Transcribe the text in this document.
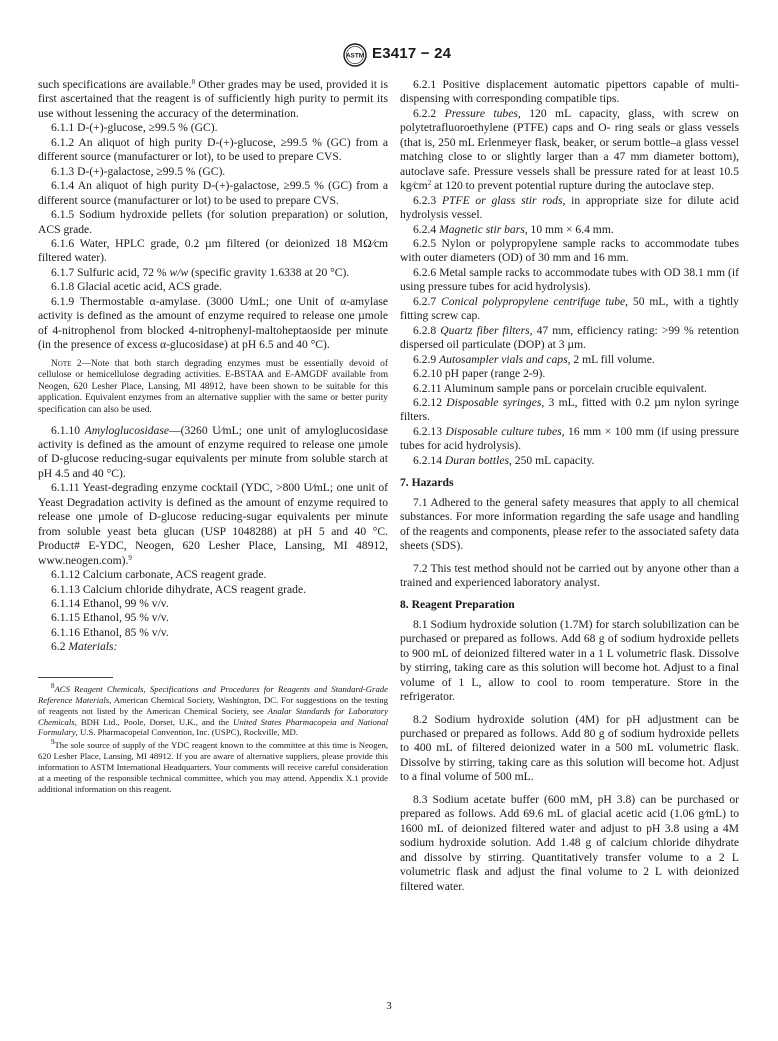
ASTM E3417 − 24

such specifications are available.$^8$ Other grades may be used, provided it is first ascertained that the reagent is of sufficiently high purity to permit its use without lessening the accuracy of the determination.

6.1.1 D-(+)-glucose, ≥99.5 % (GC).

6.1.2 An aliquot of high purity D-(+)-glucose, ≥99.5 % (GC) from a different source (manufacturer or lot), to be used to prepare CVS.

6.1.3 D-(+)-galactose, ≥99.5 % (GC).

6.1.4 An aliquot of high purity D-(+)-galactose, ≥99.5 % (GC) from a different source (manufacturer or lot) to be used to prepare CVS.

6.1.5 Sodium hydroxide pellets (for solution preparation) or solution, ACS grade.

6.1.6 Water, HPLC grade, 0.2 µm filtered (or deionized 18 MΩ⁄cm filtered water).

6.1.7 Sulfuric acid, 72 % w/w (specific gravity 1.6338 at 20 °C).

6.1.8 Glacial acetic acid, ACS grade.

6.1.9 Thermostable α-amylase. (3000 U⁄mL; one Unit of α-amylase activity is defined as the amount of enzyme required to release one µmole of 4-nitrophenol from blocked 4-nitrophenyl-maltoheptaoside per minute (in the presence of excess α-glucosidase) at pH 6.5 and 40 °C).

Note 2—Note that both starch degrading enzymes must be essentially devoid of cellulose or hemicellulose degrading activities. E-BSTAA and E-AMGDF available from Neogen, 620 Lesher Place, Lansing, MI 48912, have been shown to be suitable for this application. Equivalent enzymes from an alternative supplier with the same or better purity specification can also be used.

6.1.10 Amyloglucosidase—(3260 U⁄mL; one unit of amyloglucosidase activity is defined as the amount of enzyme required to release one µmole of D-glucose reducing-sugar equivalents per minute from soluble starch at pH 4.5 and 40 °C).

6.1.11 Yeast-degrading enzyme cocktail (YDC, >800 U⁄mL; one unit of Yeast Degradation activity is defined as the amount of enzyme required to release one µmole of D-glucose reducing-sugar equivalents per minute from soluble yeast beta glucan (USP 1048288) at pH 5 and 40 °C. Product# E-YDC, Neogen, 620 Lesher Place, Lansing, MI 48912, www.neogen.com).$^9$

6.1.12 Calcium carbonate, ACS reagent grade.

6.1.13 Calcium chloride dihydrate, ACS reagent grade.

6.1.14 Ethanol, 99 % v/v.

6.1.15 Ethanol, 95 % v/v.

6.1.16 Ethanol, 85 % v/v.

6.2 Materials:

$^8$ACS Reagent Chemicals, Specifications and Procedures for Reagents and Standard-Grade Reference Materials, American Chemical Society, Washington, DC. For suggestions on the testing of reagents not listed by the American Chemical Society, see Analar Standards for Laboratory Chemicals, BDH Ltd., Poole, Dorset, U.K., and the United States Pharmacopeia and National Formulary, U.S. Pharmacopeial Convention, Inc. (USPC), Rockville, MD.

$^9$The sole source of supply of the YDC reagent known to the committee at this time is Neogen, 620 Lesher Place, Lansing, MI 48912. If you are aware of alternative suppliers, please provide this information to ASTM International Headquarters. Your comments will receive careful consideration at a meeting of the responsible technical committee, which you may attend. Appendix X.1 provide additional information on this reagent.

6.2.1 Positive displacement automatic pipettors capable of multi-dispensing with corresponding compatible tips.

6.2.2 Pressure tubes, 120 mL capacity, glass, with screw on polytetrafluoroethylene (PTFE) caps and O- ring seals or glass vessels (that is, 250 mL Erlenmeyer flask, beaker, or serum bottle–a glass vessel matching close to or slightly larger than a 47 mm diameter bottom), autoclave safe. Pressure vessels shall be pressure rated for at least 10.5 $kg⁄cm^2$ at 120 to prevent potential rupture during the autoclave step.

6.2.3 PTFE or glass stir rods, in appropriate size for dilute acid hydrolysis vessel.

6.2.4 Magnetic stir bars, 10 mm × 6.4 mm.

6.2.5 Nylon or polypropylene sample racks to accommodate tubes with outer diameters (OD) of 30 mm and 16 mm.

6.2.6 Metal sample racks to accommodate tubes with OD 38.1 mm (if using pressure tubes for acid hydrolysis).

6.2.7 Conical polypropylene centrifuge tube, 50 mL, with a tightly fitting screw cap.

6.2.8 Quartz fiber filters, 47 mm, efficiency rating: >99 % retention dispersed oil particulate (DOP) at 3 µm.

6.2.9 Autosampler vials and caps, 2 mL fill volume.

6.2.10 pH paper (range 2-9).

6.2.11 Aluminum sample pans or porcelain crucible equivalent.

6.2.12 Disposable syringes, 3 mL, fitted with 0.2 µm nylon syringe filters.

6.2.13 Disposable culture tubes, 16 mm × 100 mm (if using pressure tubes for acid hydrolysis).

6.2.14 Duran bottles, 250 mL capacity.

7. Hazards

7.1 Adhered to the general safety measures that apply to all chemical substances. For more information regarding the safe usage and handling of the reagents and components, please refer to the associated safety data sheets (SDS).

7.2 This test method should not be carried out by anyone other than a trained and experienced laboratory analyst.

8. Reagent Preparation

8.1 Sodium hydroxide solution (1.7M) for starch solubilization can be purchased or prepared as follows. Add 68 g of sodium hydroxide pellets to 900 mL of deionized filtered water in a 1 L volumetric flask. Dissolve by stirring, taking care as this solution will become hot. Adjust to a final volume of 1 L, allow to cool to room temperature. Store in the refrigerator.

8.2 Sodium hydroxide solution (4M) for pH adjustment can be purchased or prepared as follows. Add 80 g of sodium hydroxide pellets to 400 mL of filtered deionized water in a 500 mL volumetric flask. Dissolve by stirring, taking care as this solution will become hot. Adjust to a final volume of 500 mL.

8.3 Sodium acetate buffer (600 mM, pH 3.8) can be purchased or prepared as follows. Add 69.6 mL of glacial acetic acid (1.06 g⁄mL) to 1600 mL of deionized filtered water and adjust to pH 3.8 using a 4M sodium hydroxide solution. Add 1.48 g of calcium chloride dihydrate and dissolve by stirring. Quantitatively transfer volume to a 2 L volumetric flask and adjust the final volume to 2 L with deionized filtered water.

3
